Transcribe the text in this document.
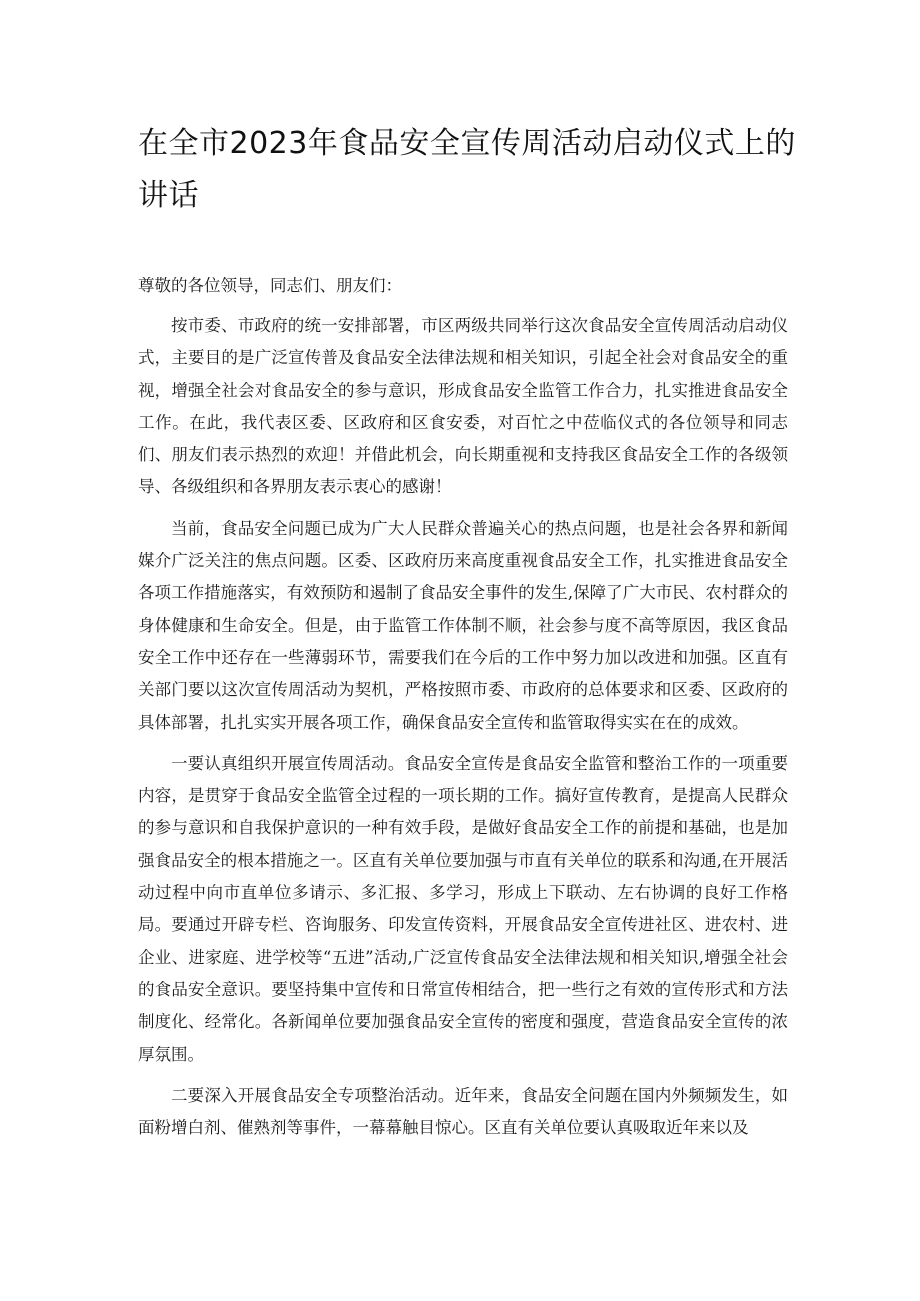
在全市2023年食品安全宣传周活动启动仪式上的讲话

尊敬的各位领导，同志们、朋友们：

按市委、市政府的统一安排部署，市区两级共同举行这次食品安全宣传周活动启动仪式，主要目的是广泛宣传普及食品安全法律法规和相关知识，引起全社会对食品安全的重视，增强全社会对食品安全的参与意识，形成食品安全监管工作合力，扎实推进食品安全工作。在此，我代表区委、区政府和区食安委，对百忙之中莅临仪式的各位领导和同志们、朋友们表示热烈的欢迎！并借此机会，向长期重视和支持我区食品安全工作的各级领导、各级组织和各界朋友表示衷心的感谢！

当前，食品安全问题已成为广大人民群众普遍关心的热点问题，也是社会各界和新闻媒介广泛关注的焦点问题。区委、区政府历来高度重视食品安全工作，扎实推进食品安全各项工作措施落实，有效预防和遏制了食品安全事件的发生,保障了广大市民、农村群众的身体健康和生命安全。但是，由于监管工作体制不顺，社会参与度不高等原因，我区食品安全工作中还存在一些薄弱环节，需要我们在今后的工作中努力加以改进和加强。区直有关部门要以这次宣传周活动为契机，严格按照市委、市政府的总体要求和区委、区政府的具体部署，扎扎实实开展各项工作，确保食品安全宣传和监管取得实实在在的成效。

一要认真组织开展宣传周活动。食品安全宣传是食品安全监管和整治工作的一项重要内容，是贯穿于食品安全监管全过程的一项长期的工作。搞好宣传教育，是提高人民群众的参与意识和自我保护意识的一种有效手段，是做好食品安全工作的前提和基础，也是加强食品安全的根本措施之一。区直有关单位要加强与市直有关单位的联系和沟通,在开展活动过程中向市直单位多请示、多汇报、多学习，形成上下联动、左右协调的良好工作格局。要通过开辟专栏、咨询服务、印发宣传资料，开展食品安全宣传进社区、进农村、进企业、进家庭、进学校等“五进”活动,广泛宣传食品安全法律法规和相关知识,增强全社会的食品安全意识。要坚持集中宣传和日常宣传相结合，把一些行之有效的宣传形式和方法制度化、经常化。各新闻单位要加强食品安全宣传的密度和强度，营造食品安全宣传的浓厚氛围。

二要深入开展食品安全专项整治活动。近年来，食品安全问题在国内外频频发生，如面粉增白剂、催熟剂等事件，一幕幕触目惊心。区直有关单位要认真吸取近年来以及
